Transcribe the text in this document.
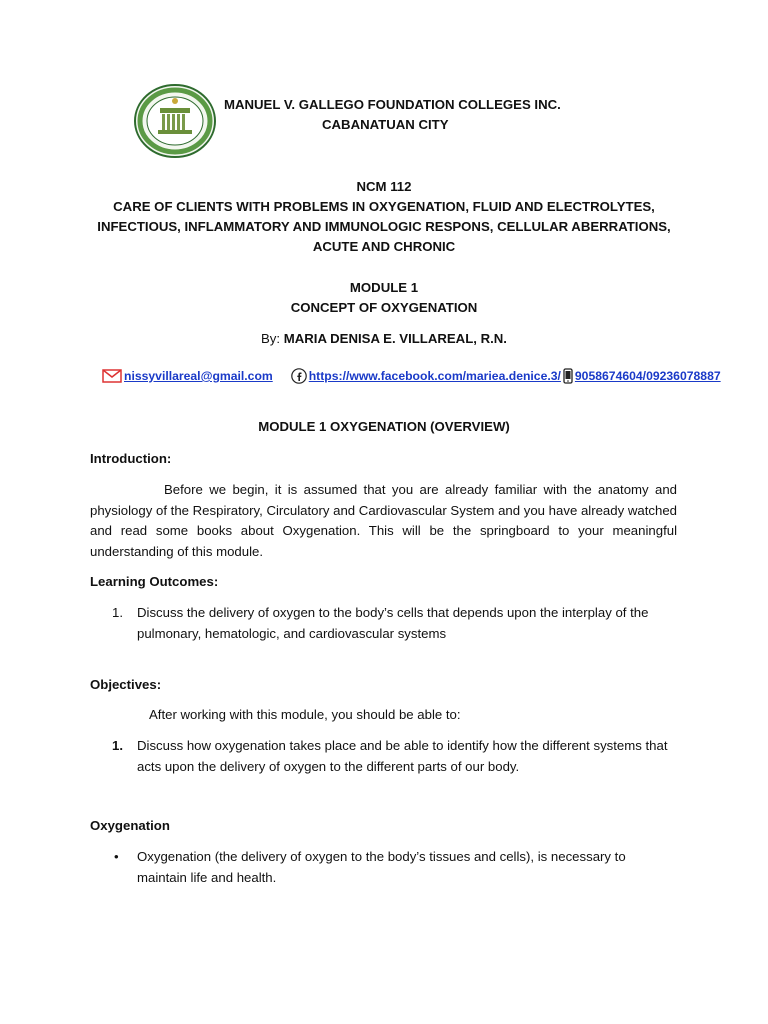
MANUEL V. GALLEGO FOUNDATION COLLEGES INC.
CABANATUAN CITY
NCM 112
CARE OF CLIENTS WITH PROBLEMS IN OXYGENATION, FLUID AND ELECTROLYTES,
INFECTIOUS, INFLAMMATORY AND IMMUNOLOGIC RESPONS, CELLULAR ABERRATIONS,
ACUTE AND CHRONIC
MODULE 1
CONCEPT OF OXYGENATION
By: MARIA DENISA E. VILLAREAL, R.N.
nissyvillareal@gmail.com	https://www.facebook.com/mariea.denice.3/ 9058674604/09236078887
MODULE 1 OXYGENATION (OVERVIEW)
Introduction:
Before we begin, it is assumed that you are already familiar with the anatomy and physiology of the Respiratory, Circulatory and Cardiovascular System and you have already watched and read some books about Oxygenation. This will be the springboard to your meaningful understanding of this module.
Learning Outcomes:
1. Discuss the delivery of oxygen to the body’s cells that depends upon the interplay of the pulmonary, hematologic, and cardiovascular systems
Objectives:
After working with this module, you should be able to:
1. Discuss how oxygenation takes place and be able to identify how the different systems that acts upon the delivery of oxygen to the different parts of our body.
Oxygenation
• Oxygenation (the delivery of oxygen to the body’s tissues and cells), is necessary to maintain life and health.
